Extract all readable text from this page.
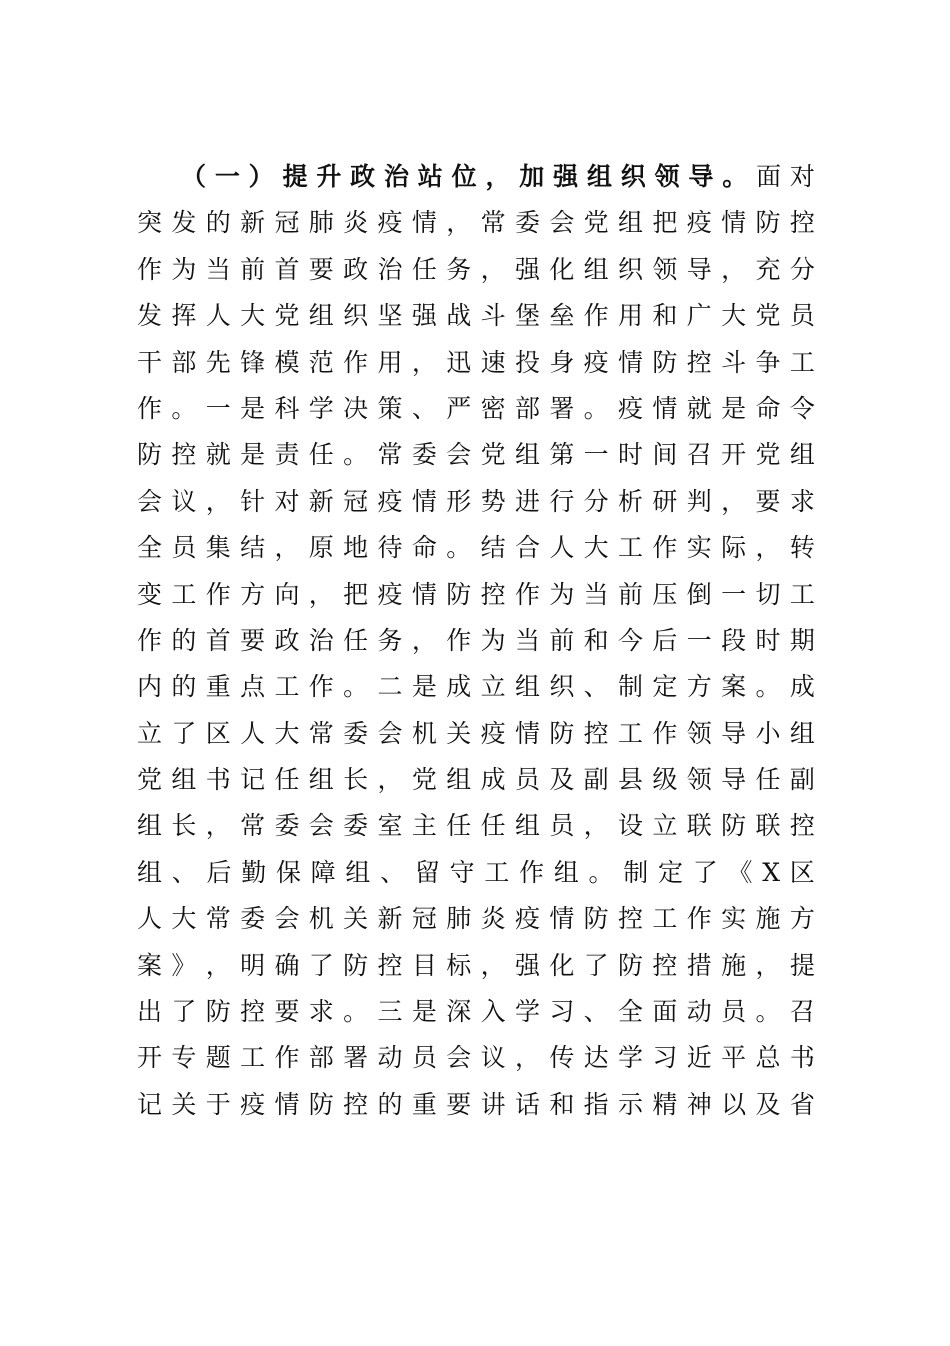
（ 一 ） 提 升 政 治 站 位 ， 加 强 组 织 领 导 。 面 对
突 发 的 新 冠 肺 炎 疫 情 ， 常 委 会 党 组 把 疫 情 防 控
作 为 当 前 首 要 政 治 任 务 ， 强 化 组 织 领 导 ， 充 分
发 挥 人 大 党 组 织 坚 强 战 斗 堡 垒 作 用 和 广 大 党 员
干 部 先 锋 模 范 作 用 ， 迅 速 投 身 疫 情 防 控 斗 争 工
作 。 一 是 科 学 决 策 、 严 密 部 署 。 疫 情 就 是 命 令
防 控 就 是 责 任 。 常 委 会 党 组 第 一 时 间 召 开 党 组
会 议 ， 针 对 新 冠 疫 情 形 势 进 行 分 析 研 判 ， 要 求
全 员 集 结 ， 原 地 待 命 。 结 合 人 大 工 作 实 际 ， 转
变 工 作 方 向 ， 把 疫 情 防 控 作 为 当 前 压 倒 一 切 工
作 的 首 要 政 治 任 务 ， 作 为 当 前 和 今 后 一 段 时 期
内 的 重 点 工 作 。 二 是 成 立 组 织 、 制 定 方 案 。 成
立 了 区 人 大 常 委 会 机 关 疫 情 防 控 工 作 领 导 小 组
党 组 书 记 任 组 长 ， 党 组 成 员 及 副 县 级 领 导 任 副
组 长 ， 常 委 会 委 室 主 任 任 组 员 ， 设 立 联 防 联 控
组 、 后 勤 保 障 组 、 留 守 工 作 组 。 制 定 了 《 X 区
人 大 常 委 会 机 关 新 冠 肺 炎 疫 情 防 控 工 作 实 施 方
案 》 ， 明 确 了 防 控 目 标 ， 强 化 了 防 控 措 施 ， 提
出 了 防 控 要 求 。 三 是 深 入 学 习 、 全 面 动 员 。 召
开 专 题 工 作 部 署 动 员 会 议 ， 传 达 学 习 近 平 总 书
记 关 于 疫 情 防 控 的 重 要 讲 话 和 指 示 精 神 以 及 省
